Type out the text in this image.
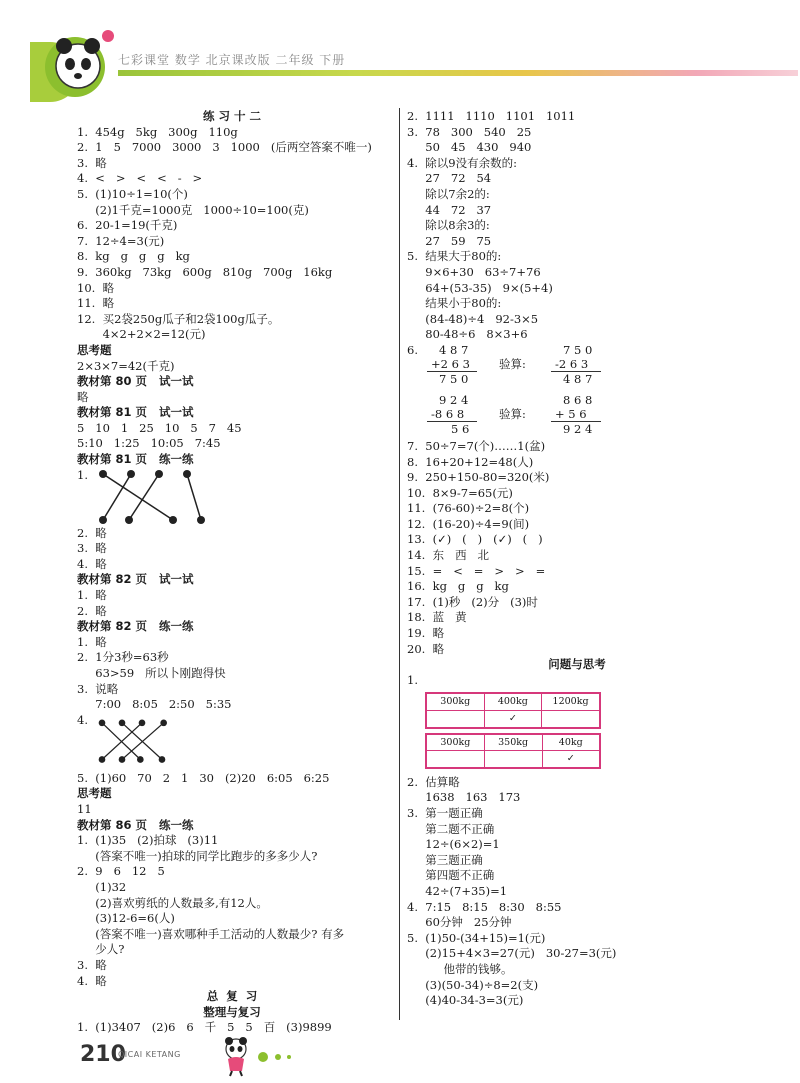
七彩课堂 数学 北京课改版 二年级 下册
练 习 十 二
1.  454g   5kg   300g   110g
2.  1   5   7000   3000   3   1000   (后两空答案不唯一)
3.  略
4.  <   >   <   <   -   >
5.  (1)10÷1=10(个)
(2)1千克=1000克   1000÷10=100(克)
6.  20-1=19(千克)
7.  12÷4=3(元)
8.  kg   g   g   g   kg
9.  360kg   73kg   600g   810g   700g   16kg
10.  略
11.  略
12.  买2袋250g瓜子和2袋100g瓜子。
4×2+2×2=12(元)
思考题
2×3×7=42(千克)
教材第 80 页   试一试
略
教材第 81 页   试一试
5   10   1   25   10   5   7   45
5:10   1:25   10:05   7:45
教材第 81 页   练一练
1.
2.  略
3.  略
4.  略
教材第 82 页   试一试
1.  略
2.  略
教材第 82 页   练一练
1.  略
2.  1分3秒=63秒
63>59   所以卜刚跑得快
3.  说略
7:00   8:05   2:50   5:35
4.
5.  (1)60   70   2   1   30   (2)20   6:05   6:25
思考题
11
教材第 86 页   练一练
1.  (1)35   (2)拍球   (3)11
(答案不唯一)拍球的同学比跑步的多多少人?
2.  9   6   12   5
(1)32
(2)喜欢剪纸的人数最多,有12人。
(3)12-6=6(人)
(答案不唯一)喜欢哪种手工活动的人数最少? 有多
少人?
3.  略
4.  略
总  复  习
整理与复习
1.  (1)3407   (2)6   6   千   5   5   百   (3)9899
2.  1111   1110   1101   1011
3.  78   300   540   25
50   45   430   940
4.  除以9没有余数的:
27   72   54
除以7余2的:
44   72   37
除以8余3的:
27   59   75
5.  结果大于80的:
9×6+30   63÷7+76
64+(53-35)   9×(5+4)
结果小于80的:
(84-48)÷4   92-3×5
80-48÷6   8×3+6
6.	4 8 7
+2 6 3
7 5 0
验算:
7 5 0
-2 6 3
4 8 7
9 2 4
-8 6 8
5 6
验算:
8 6 8
+ 5 6
9 2 4
7.  50÷7=7(个)……1(盆)
8.  16+20+12=48(人)
9.  250+150-80=320(米)
10.  8×9-7=65(元)
11.  (76-60)÷2=8(个)
12.  (16-20)÷4=9(间)
13.  (✓)   (   )   (✓)   (   )
14.  东   西   北
15.  =   <   =   >   >   =
16.  kg   g   g   kg
17.  (1)秒   (2)分   (3)时
18.  蓝   黄
19.  略
20.  略
问题与思考
1.
300kg	400kg	1200kg
	✓	
300kg	350kg	40kg
		✓
2.  估算略
1638   163   173
3.  第一题正确
第二题不正确
12÷(6×2)=1
第三题正确
第四题不正确
42÷(7+35)=1
4.  7:15   8:15   8:30   8:55
60分钟   25分钟
5.  (1)50-(34+15)=1(元)
(2)15+4×3=27(元)   30-27=3(元)
他带的钱够。
(3)(50-34)÷8=2(支)
(4)40-34-3=3(元)
210
QICAI KETANG
